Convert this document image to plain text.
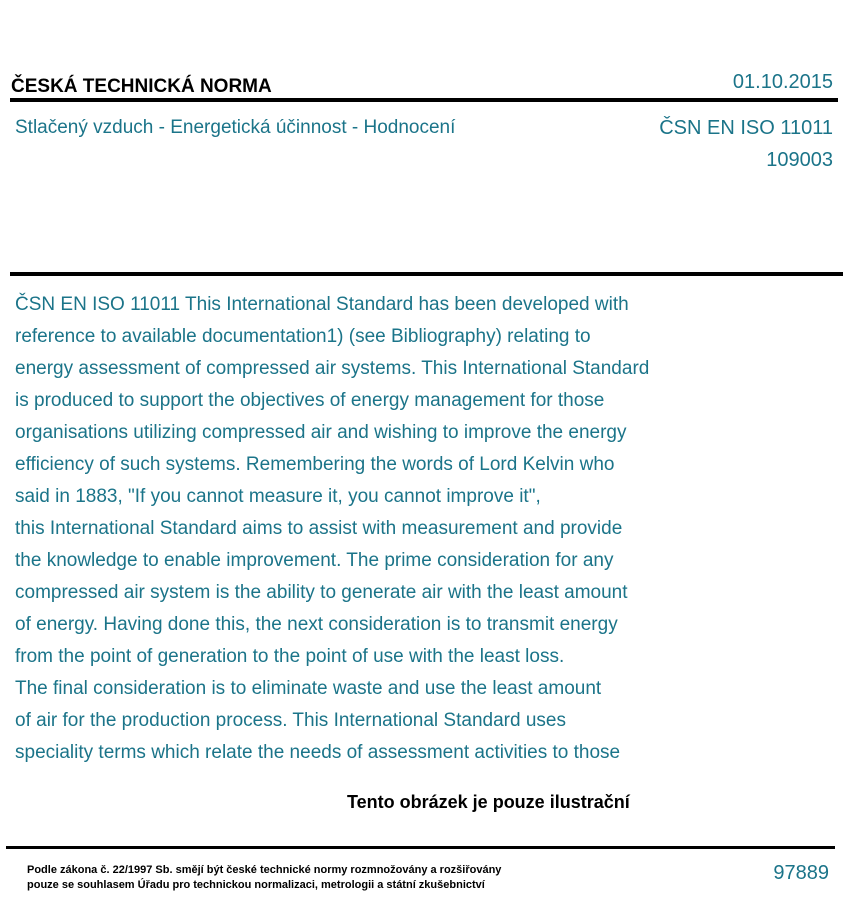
ČESKÁ TECHNICKÁ NORMA	01.10.2015
Stlačený vzduch - Energetická účinnost - Hodnocení	ČSN EN ISO 11011
109003
ČSN EN ISO 11011 This International Standard has been developed with
reference to available documentation1) (see Bibliography) relating to
energy assessment of compressed air systems. This International Standard
is produced to support the objectives of energy management for those
organisations utilizing compressed air and wishing to improve the energy
efficiency of such systems. Remembering the words of Lord Kelvin who
said in 1883, "If you cannot measure it, you cannot improve it",
this International Standard aims to assist with measurement and provide
the knowledge to enable improvement. The prime consideration for any
compressed air system is the ability to generate air with the least amount
of energy. Having done this, the next consideration is to transmit energy
from the point of generation to the point of use with the least loss.
The final consideration is to eliminate waste and use the least amount
of air for the production process. This International Standard uses
speciality terms which relate the needs of assessment activities to those
Tento obrázek je pouze ilustrační
Podle zákona č. 22/1997 Sb. smějí být české technické normy rozmnožovány a rozšiřovány
pouze se souhlasem Úřadu pro technickou normalizaci, metrologii a státní zkušebnictví
97889
